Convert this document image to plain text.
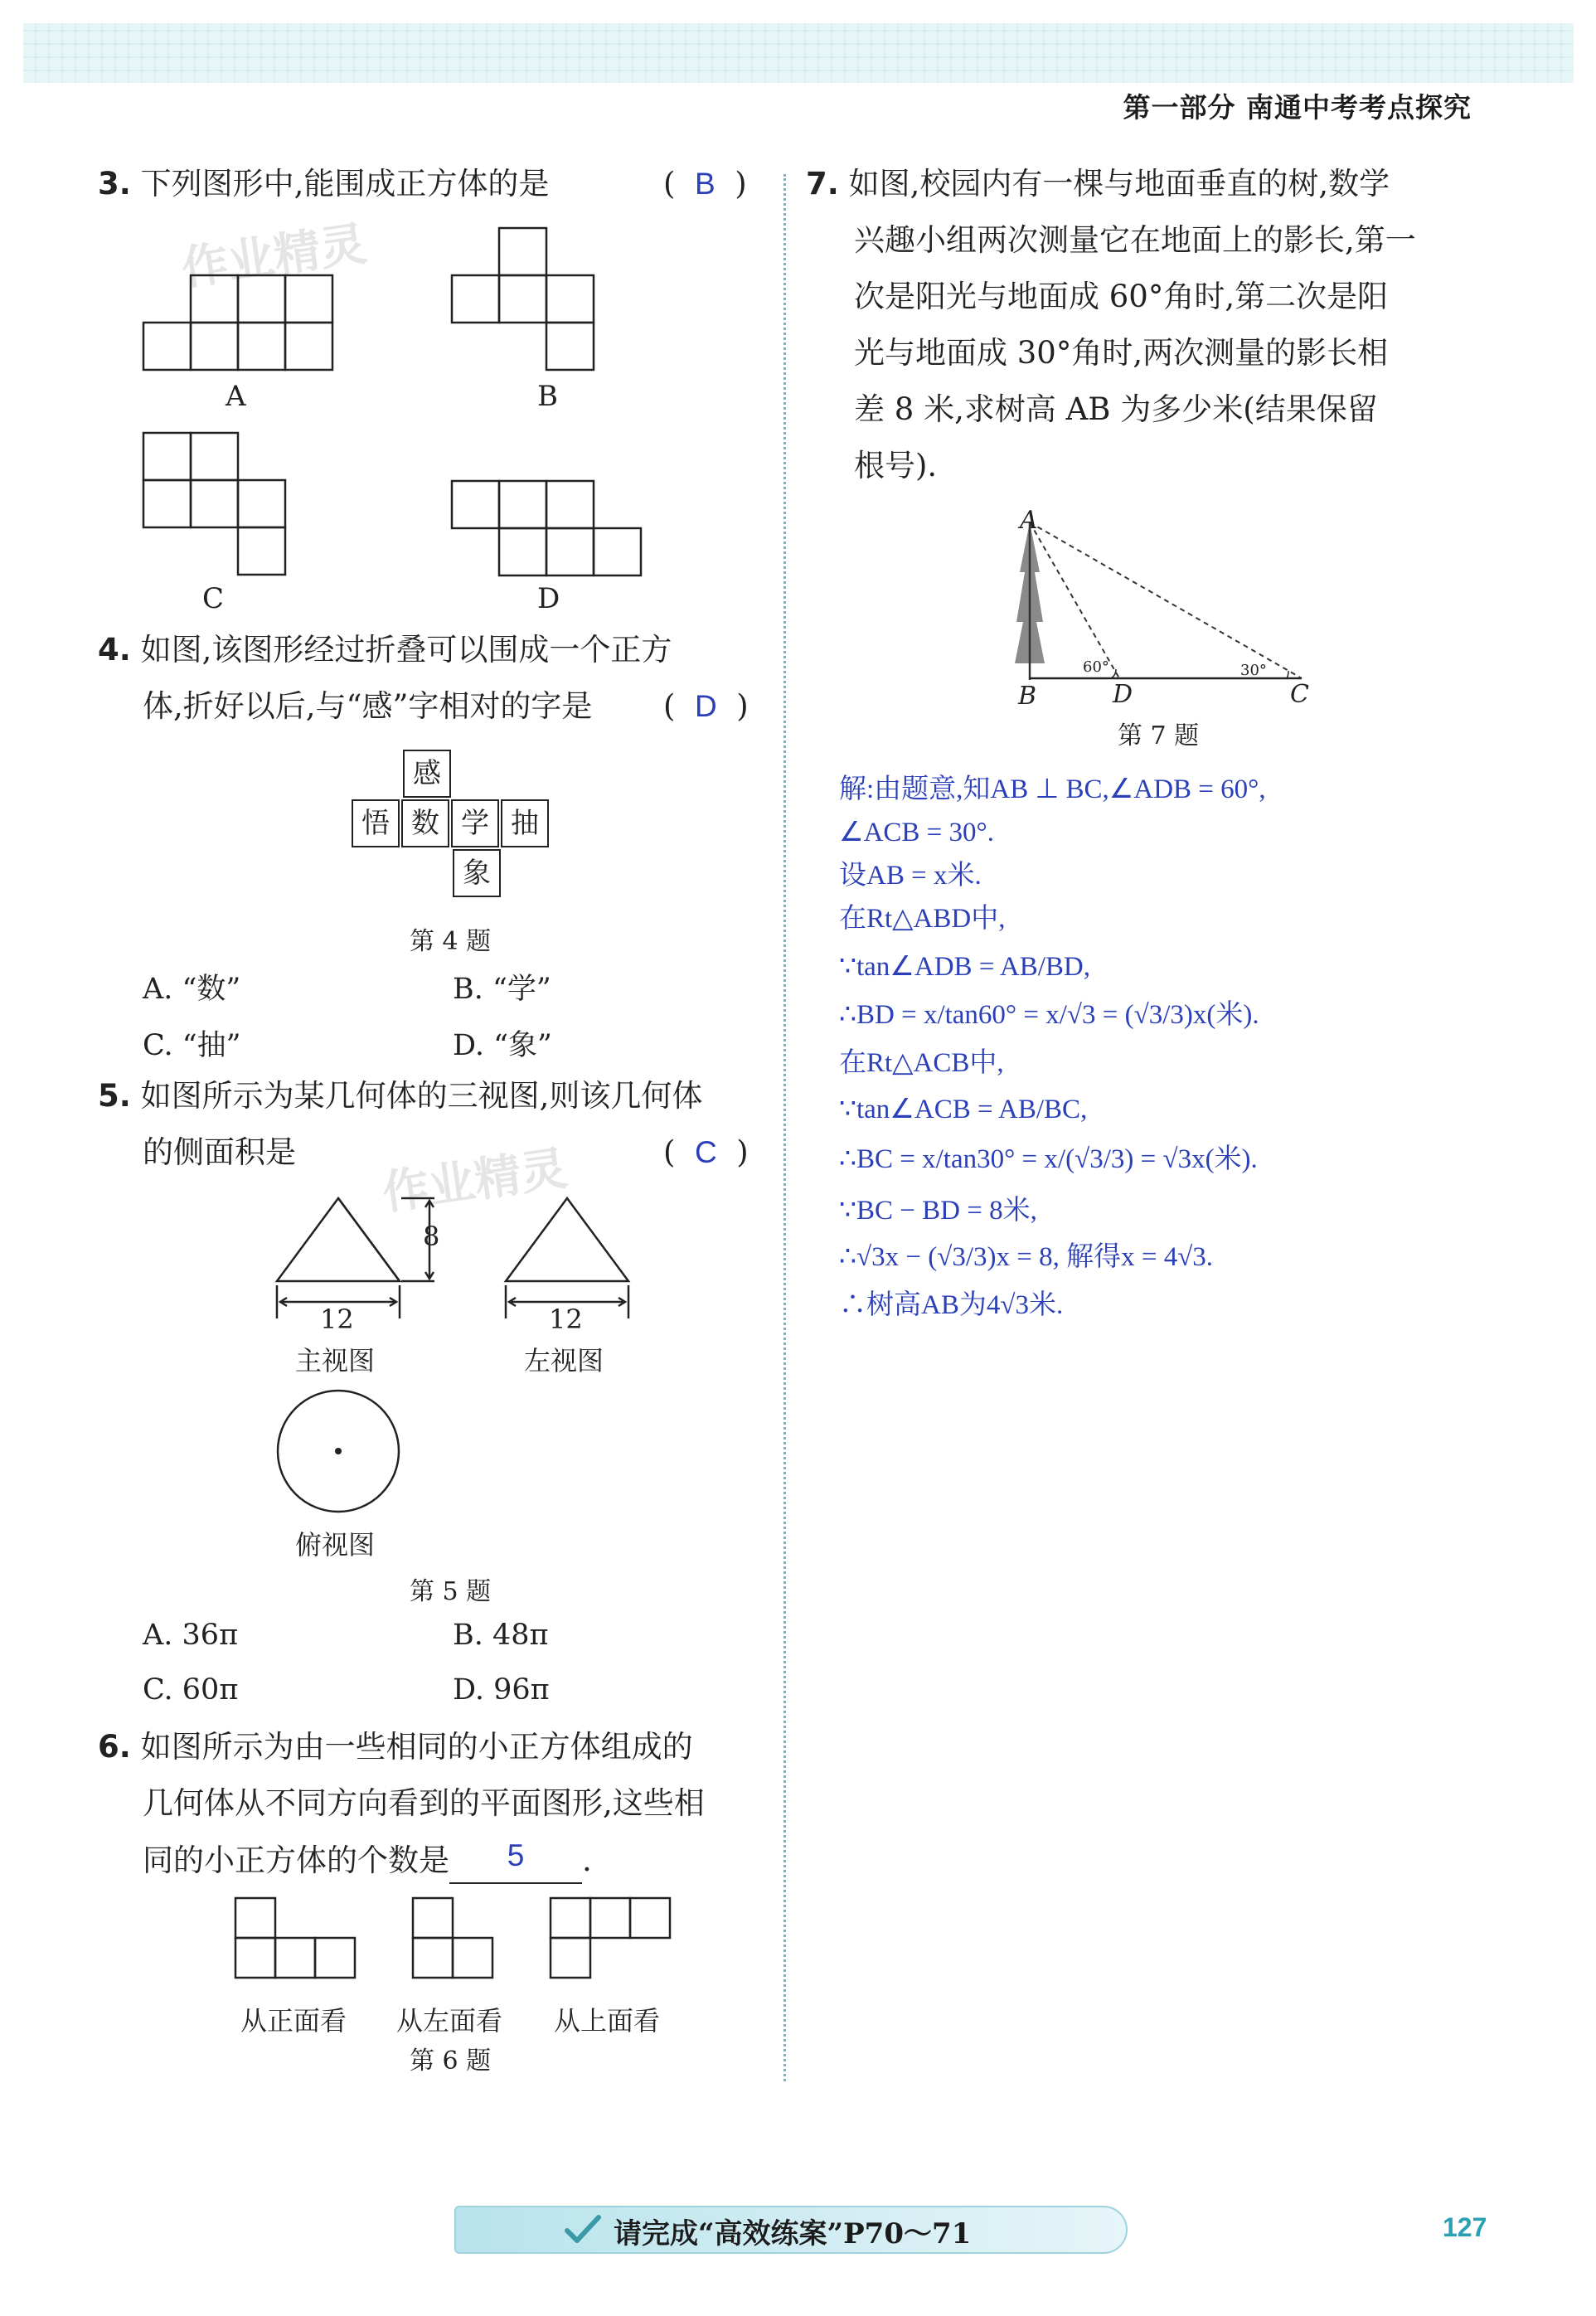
第一部分 南通中考考点探究
作业精灵
作业精灵
3. 下列图形中,能围成正方体的是	( B )
A	B
C	D
4. 如图,该图形经过折叠可以围成一个正方
体,折好以后,与“感”字相对的字是 ( D )
感
悟 数 学 抽
象
第 4 题
A. “数”	B. “学”
C. “抽”	D. “象”
5. 如图所示为某几何体的三视图,则该几何体
的侧面积是	( C )
8
12	12
主视图	左视图
俯视图
第 5 题
A. 36π	B. 48π
C. 60π	D. 96π
6. 如图所示为由一些相同的小正方体组成的
几何体从不同方向看到的平面图形,这些相
同的小正方体的个数是 5 .
从正面看 从左面看 从上面看
第 6 题
7. 如图,校园内有一棵与地面垂直的树,数学
兴趣小组两次测量它在地面上的影长,第一
次是阳光与地面成 60°角时,第二次是阳
光与地面成 30°角时,两次测量的影长相
差 8 米,求树高 AB 为多少米(结果保留
根号).
A
B	D	C
60°	30°
第 7 题
解:由题意,知AB ⊥ BC,∠ADB = 60°,
∠ACB = 30°.
设AB = x米.
在Rt△ABD中,
∵tan∠ADB = AB/BD,
∴BD = x/tan60° = x/√3 = (√3/3)x(米).
在Rt△ACB中,
∵tan∠ACB = AB/BC,
∴BC = x/tan30° = x/(√3/3) = √3x(米).
∵BC − BD = 8米,
∴√3x − (√3/3)x = 8, 解得x = 4√3.
∴树高AB为4√3米.
请完成“高效练案”P70～71	127
